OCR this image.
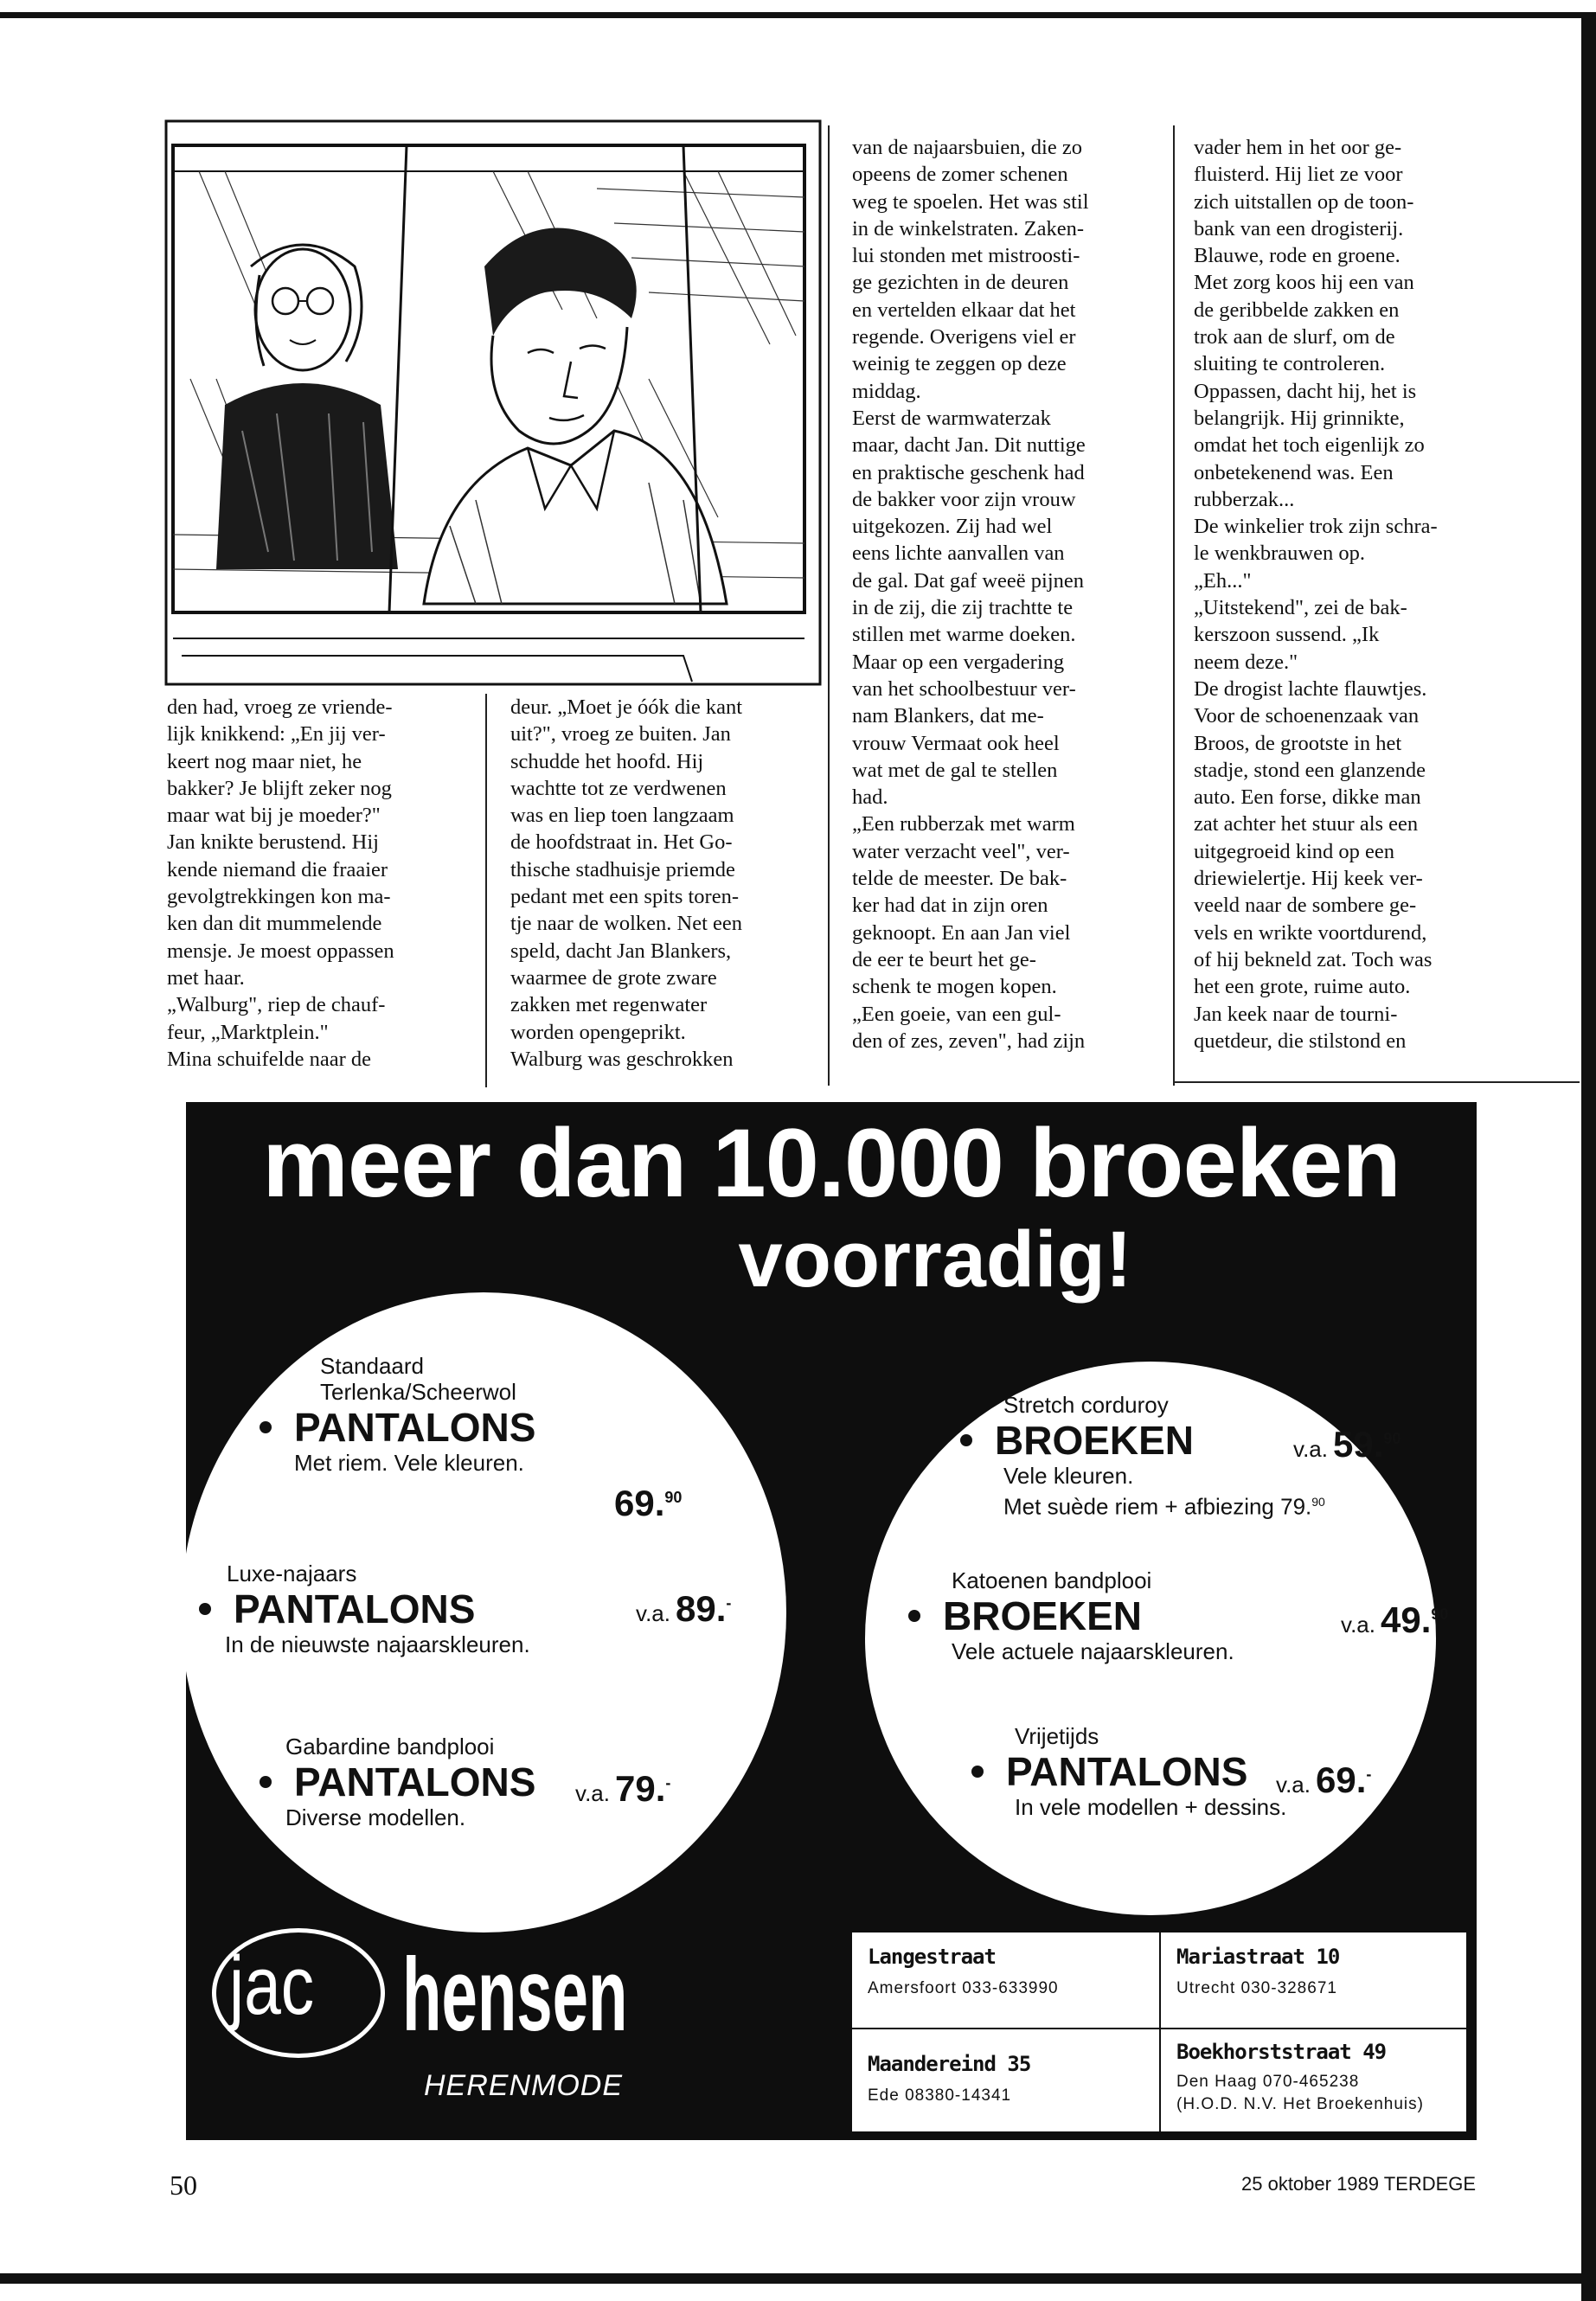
den had, vroeg ze vriende-

lijk knikkend: „En jij ver-

keert nog maar niet, he

bakker? Je blijft zeker nog

maar wat bij je moeder?"

Jan knikte berustend. Hij

kende niemand die fraaier

gevolgtrekkingen kon ma-

ken dan dit mummelende

mensje. Je moest oppassen

met haar.

„Walburg", riep de chauf-

feur, „Marktplein."

Mina schuifelde naar de

deur. „Moet je óók die kant

uit?", vroeg ze buiten. Jan

schudde het hoofd. Hij

wachtte tot ze verdwenen

was en liep toen langzaam

de hoofdstraat in. Het Go-

thische stadhuisje priemde

pedant met een spits toren-

tje naar de wolken. Net een

speld, dacht Jan Blankers,

waarmee de grote zware

zakken met regenwater

worden opengeprikt.

Walburg was geschrokken

van de najaarsbuien, die zo

opeens de zomer schenen

weg te spoelen. Het was stil

in de winkelstraten. Zaken-

lui stonden met mistroosti-

ge gezichten in de deuren

en vertelden elkaar dat het

regende. Overigens viel er

weinig te zeggen op deze

middag.

Eerst de warmwaterzak

maar, dacht Jan. Dit nuttige

en praktische geschenk had

de bakker voor zijn vrouw

uitgekozen. Zij had wel

eens lichte aanvallen van

de gal. Dat gaf weeë pijnen

in de zij, die zij trachtte te

stillen met warme doeken.

Maar op een vergadering

van het schoolbestuur ver-

nam Blankers, dat me-

vrouw Vermaat ook heel

wat met de gal te stellen

had.

„Een rubberzak met warm

water verzacht veel", ver-

telde de meester. De bak-

ker had dat in zijn oren

geknoopt. En aan Jan viel

de eer te beurt het ge-

schenk te mogen kopen.

„Een goeie, van een gul-

den of zes, zeven", had zijn

vader hem in het oor ge-

fluisterd. Hij liet ze voor

zich uitstallen op de toon-

bank van een drogisterij.

Blauwe, rode en groene.

Met zorg koos hij een van

de geribbelde zakken en

trok aan de slurf, om de

sluiting te controleren.

Oppassen, dacht hij, het is

belangrijk. Hij grinnikte,

omdat het toch eigenlijk zo

onbetekenend was. Een

rubberzak...

De winkelier trok zijn schra-

le wenkbrauwen op.

„Eh..."

„Uitstekend", zei de bak-

kerszoon sussend. „Ik

neem deze."

De drogist lachte flauwtjes.

Voor de schoenenzaak van

Broos, de grootste in het

stadje, stond een glanzende

auto. Een forse, dikke man

zat achter het stuur als een

uitgegroeid kind op een

driewielertje. Hij keek ver-

veeld naar de sombere ge-

vels en wrikte voortdurend,

of hij bekneld zat. Toch was

het een grote, ruime auto.

Jan keek naar de tourni-

quetdeur, die stilstond en

meer dan 10.000 broeken
voorradig!
Standaard
Terlenka/Scheerwol
PANTALONS
Met riem. Vele kleuren.
69.90
Luxe-najaars
PANTALONS
In de nieuwste najaarskleuren.
v.a. 89.-
Gabardine bandplooi
PANTALONS
Diverse modellen.
v.a. 79.-
Stretch corduroy
BROEKEN
Vele kleuren.
Met suède riem + afbiezing 79.90
v.a. 59.90
Katoenen bandplooi
BROEKEN
Vele actuele najaarskleuren.
v.a. 49.90
Vrijetijds
PANTALONS
In vele modellen + dessins.
v.a. 69.-
jac hensen
HERENMODE
Langestraat
Amersfoort 033-633990
Mariastraat 10
Utrecht 030-328671
Maandereind 35
Ede 08380-14341
Boekhorststraat 49
Den Haag 070-465238
(H.O.D. N.V. Het Broekenhuis)
50	25 oktober 1989 TERDEGE
